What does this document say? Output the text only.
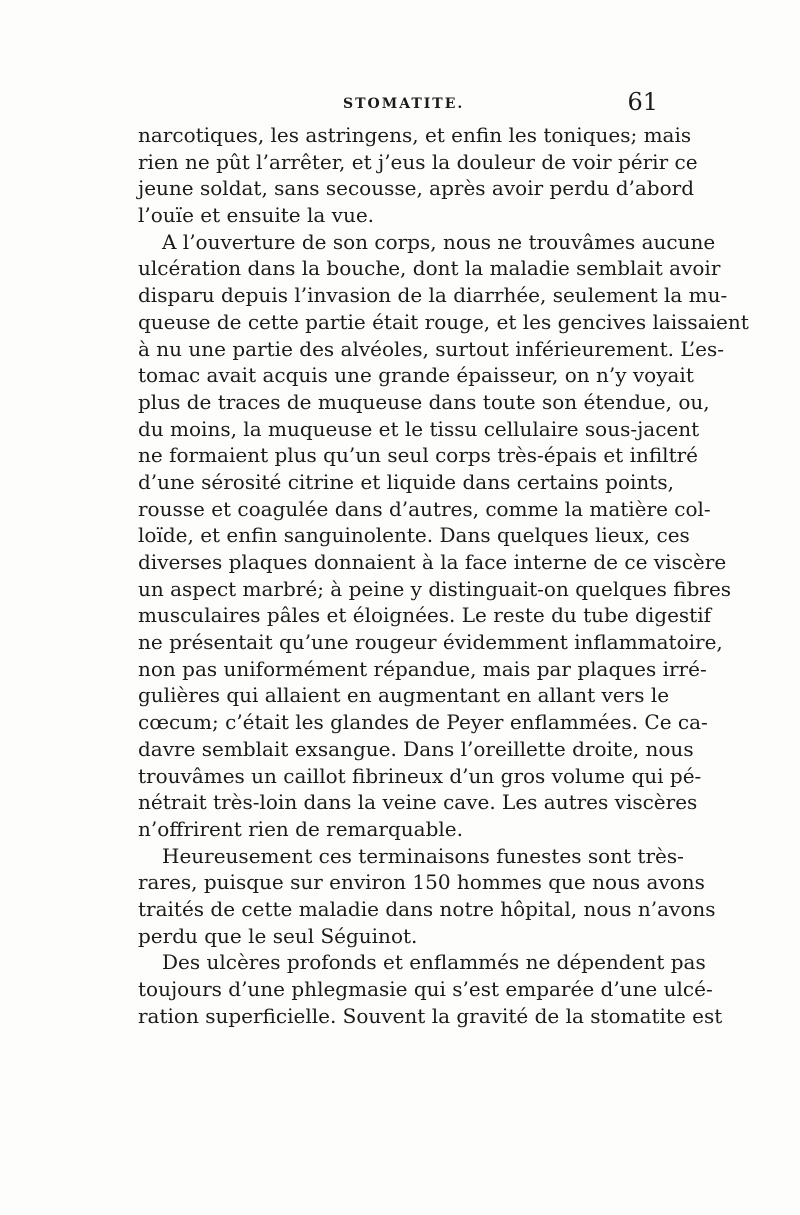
STOMATITE.	61
narcotiques, les astringens, et enfin les toniques; mais
rien ne pût l’arrêter, et j’eus la douleur de voir périr ce
jeune soldat, sans secousse, après avoir perdu d’abord
l’ouïe et ensuite la vue.
A l’ouverture de son corps, nous ne trouvâmes aucune
ulcération dans la bouche, dont la maladie semblait avoir
disparu depuis l’invasion de la diarrhée, seulement la mu-
queuse de cette partie était rouge, et les gencives laissaient
à nu une partie des alvéoles, surtout inférieurement. L’es-
tomac avait acquis une grande épaisseur, on n’y voyait
plus de traces de muqueuse dans toute son étendue, ou,
du moins, la muqueuse et le tissu cellulaire sous-jacent
ne formaient plus qu’un seul corps très-épais et infiltré
d’une sérosité citrine et liquide dans certains points,
rousse et coagulée dans d’autres, comme la matière col-
loïde, et enfin sanguinolente. Dans quelques lieux, ces
diverses plaques donnaient à la face interne de ce viscère
un aspect marbré; à peine y distinguait-on quelques fibres
musculaires pâles et éloignées. Le reste du tube digestif
ne présentait qu’une rougeur évidemment inflammatoire,
non pas uniformément répandue, mais par plaques irré-
gulières qui allaient en augmentant en allant vers le
cœcum; c’était les glandes de Peyer enflammées. Ce ca-
davre semblait exsangue. Dans l’oreillette droite, nous
trouvâmes un caillot fibrineux d’un gros volume qui pé-
nétrait très-loin dans la veine cave. Les autres viscères
n’offrirent rien de remarquable.
Heureusement ces terminaisons funestes sont très-
rares, puisque sur environ 150 hommes que nous avons
traités de cette maladie dans notre hôpital, nous n’avons
perdu que le seul Séguinot.
Des ulcères profonds et enflammés ne dépendent pas
toujours d’une phlegmasie qui s’est emparée d’une ulcé-
ration superficielle. Souvent la gravité de la stomatite est
